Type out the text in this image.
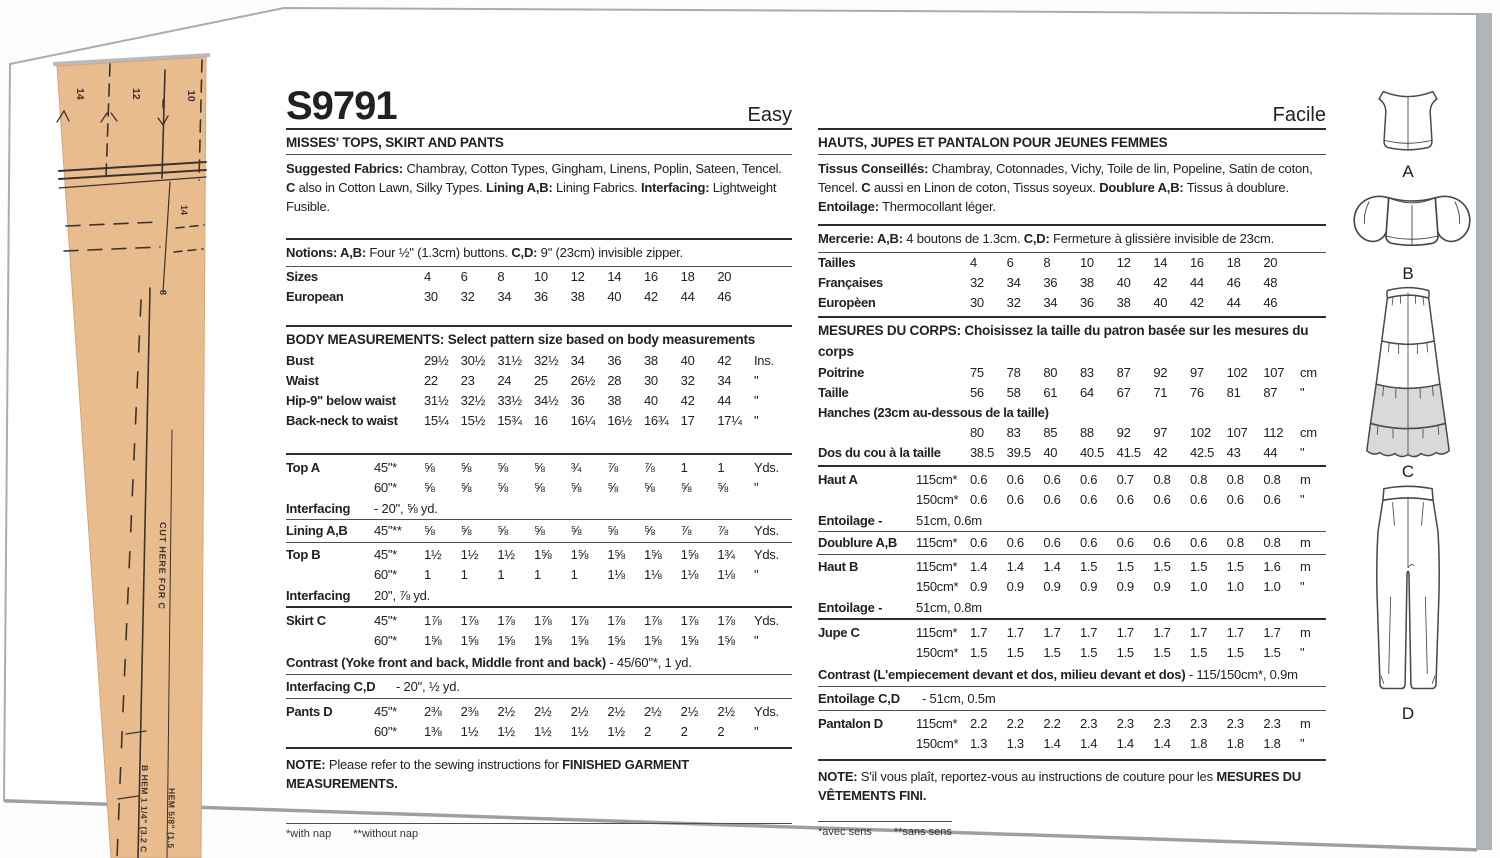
14	12	10
14
8
CUT HERE FOR C
B HEM 1 1/4" (3.2 C HEM 5/8" (1.5
S9791	Easy
MISSES' TOPS, SKIRT AND PANTS

Suggested Fabrics: Chambray, Cotton Types, Gingham, Linens, Poplin, Sateen, Tencel. C also in Cotton Lawn, Silky Types. Lining A,B: Lining Fabrics. Interfacing: Lightweight Fusible.

Notions: A,B: Four ½" (1.3cm) buttons. C,D: 9" (23cm) invisible zipper.
Sizes	4	6	8	10	12	14	16	18	20
European	30	32	34	36	38	40	42	44	46
BODY MEASUREMENTS: Select pattern size based on body measurements
Bust	29½ 30½ 31½ 32½ 34	36	38	40	42	Ins.
Waist	22	23	24	25	26½ 28	30	32	34	"
Hip-9" below waist	31½ 32½ 33½ 34½ 36	38	40	42	44	"
Back-neck to waist	15¼ 15½ 15¾ 16	16¼ 16½ 16¾ 17	17¼ "
Top A	45"*	⅝	⅝	⅝	⅝	¾	⅞	⅞	1	1	Yds.
60"*	⅝	⅝	⅝	⅝	⅝	⅝	⅝	⅝	⅝	"
Interfacing	- 20", ⅝ yd.
Lining A,B	45"**	⅝	⅝	⅝	⅝	⅝	⅝	⅝	⅞	⅞	Yds.
Top B	45"*	1½	1½	1½	1⅝	1⅝	1⅝	1⅝	1⅝	1¾	Yds.
60"*	1	1	1	1	1	1⅛	1⅛	1⅛	1⅛	"
Interfacing	20", ⅞ yd.
Skirt C	45"*	1⅞	1⅞	1⅞	1⅞	1⅞	1⅞	1⅞	1⅞	1⅞	Yds.
60"*	1⅝	1⅝	1⅝	1⅝	1⅝	1⅝	1⅝	1⅝	1⅝	"
Contrast (Yoke front and back, Middle front and back) - 45/60"*, 1 yd.
Interfacing C,D	- 20", ½ yd.
Pants D	45"*	2⅜	2⅜	2½	2½	2½	2½	2½	2½	2½	Yds.
60"*	1⅜	1½	1½	1½	1½	1½	2	2	2	"
NOTE: Please refer to the sewing instructions for FINISHED GARMENT MEASUREMENTS.
*with nap **without nap
Facile
HAUTS, JUPES ET PANTALON POUR JEUNES FEMMES

Tissus Conseillés: Chambray, Cotonnades, Vichy, Toile de lin, Popeline, Satin de coton, Tencel. C aussi en Linon de coton, Tissus soyeux. Doublure A,B: Tissus à doublure. Entoilage: Thermocollant léger.

Mercerie: A,B: 4 boutons de 1.3cm. C,D: Fermeture à glissière invisible de 23cm.
Tailles	4	6	8	10	12	14	16	18	20
Françaises	32	34	36	38	40	42	44	46	48
Europèen	30	32	34	36	38	40	42	44	46
MESURES DU CORPS: Choisissez la taille du patron basée sur les mesures du corps
Poitrine	75	78	80	83	87	92	97	102	107	cm
Taille	56	58	61	64	67	71	76	81	87	"
Hanches (23cm au-dessous de la taille)
80	83	85	88	92	97	102	107	112	cm
Dos du cou à la taille	38.5 39.5 40	40.5 41.5 42	42.5 43	44	"
Haut A	115cm* 0.6	0.6	0.6	0.6	0.7	0.8	0.8	0.8	0.8	m
150cm* 0.6	0.6	0.6	0.6	0.6	0.6	0.6	0.6	0.6	"
Entoilage -	51cm, 0.6m
Doublure A,B	115cm* 0.6	0.6	0.6	0.6	0.6	0.6	0.6	0.8	0.8	m
Haut B	115cm* 1.4	1.4	1.4	1.5	1.5	1.5	1.5	1.5	1.6	m
150cm* 0.9	0.9	0.9	0.9	0.9	0.9	1.0	1.0	1.0	"
Entoilage -	51cm, 0.8m
Jupe C	115cm* 1.7	1.7	1.7	1.7	1.7	1.7	1.7	1.7	1.7	m
150cm* 1.5	1.5	1.5	1.5	1.5	1.5	1.5	1.5	1.5	"
Contrast (L'empiecement devant et dos, milieu devant et dos) - 115/150cm*, 0.9m
Entoilage C,D	- 51cm, 0.5m
Pantalon D	115cm* 2.2	2.2	2.2	2.3	2.3	2.3	2.3	2.3	2.3	m
150cm* 1.3	1.3	1.4	1.4	1.4	1.4	1.8	1.8	1.8	"
NOTE: S'il vous plaît, reportez-vous au instructions de couture pour les MESURES DU VÊTEMENTS FINI.
*avec sens **sans sens
A
B
C
D
